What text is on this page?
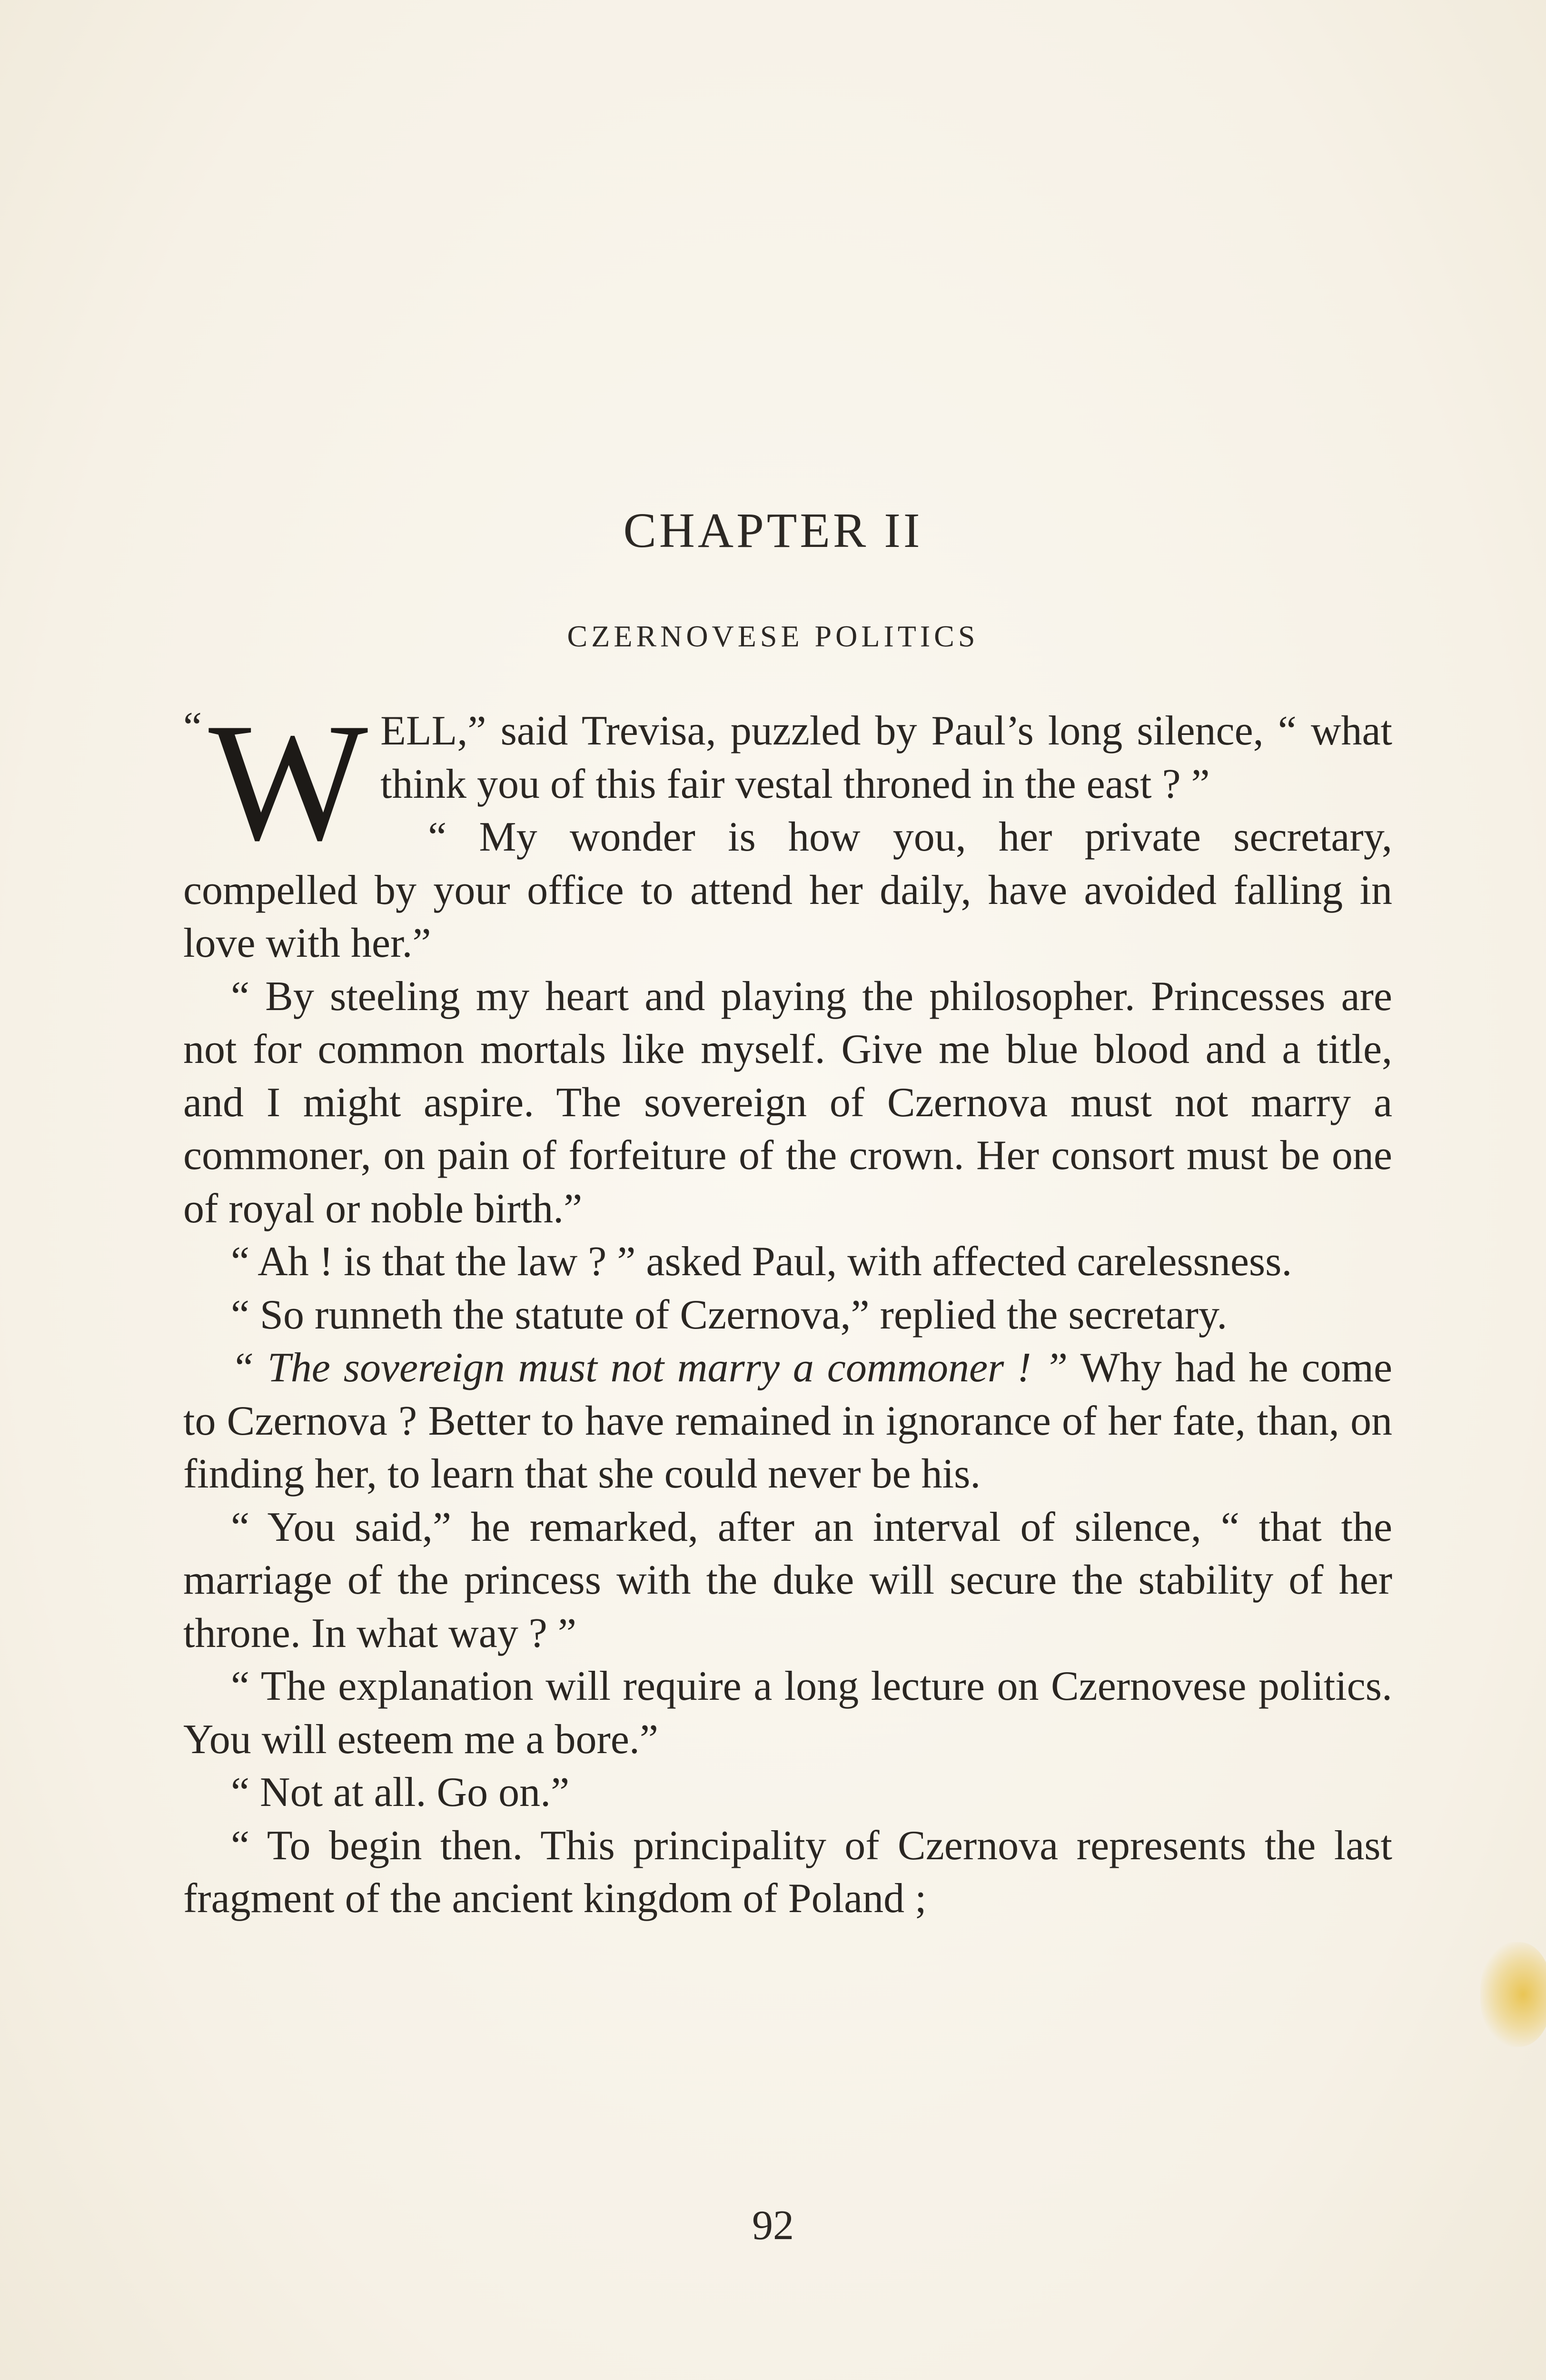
CHAPTER II
CZERNOVESE POLITICS

“ W ELL,” said Trevisa, puzzled by Paul’s long silence, “ what think you of this fair vestal throned in the east ? ”

“ My wonder is how you, her private secretary, compelled by your office to attend her daily, have avoided falling in love with her.”

“ By steeling my heart and playing the philosopher. Princesses are not for common mortals like myself. Give me blue blood and a title, and I might aspire. The sovereign of Czernova must not marry a commoner, on pain of forfeiture of the crown. Her consort must be one of royal or noble birth.”

“ Ah ! is that the law ? ” asked Paul, with affected carelessness.

“ So runneth the statute of Czernova,” replied the secretary.

“ The sovereign must not marry a commoner ! ” Why had he come to Czernova ? Better to have remained in ignorance of her fate, than, on finding her, to learn that she could never be his.

“ You said,” he remarked, after an interval of silence, “ that the marriage of the princess with the duke will secure the stability of her throne. In what way ? ”

“ The explanation will require a long lecture on Czernovese politics. You will esteem me a bore.”

“ Not at all. Go on.”

“ To begin then. This principality of Czernova represents the last fragment of the ancient kingdom of Poland ;

92
